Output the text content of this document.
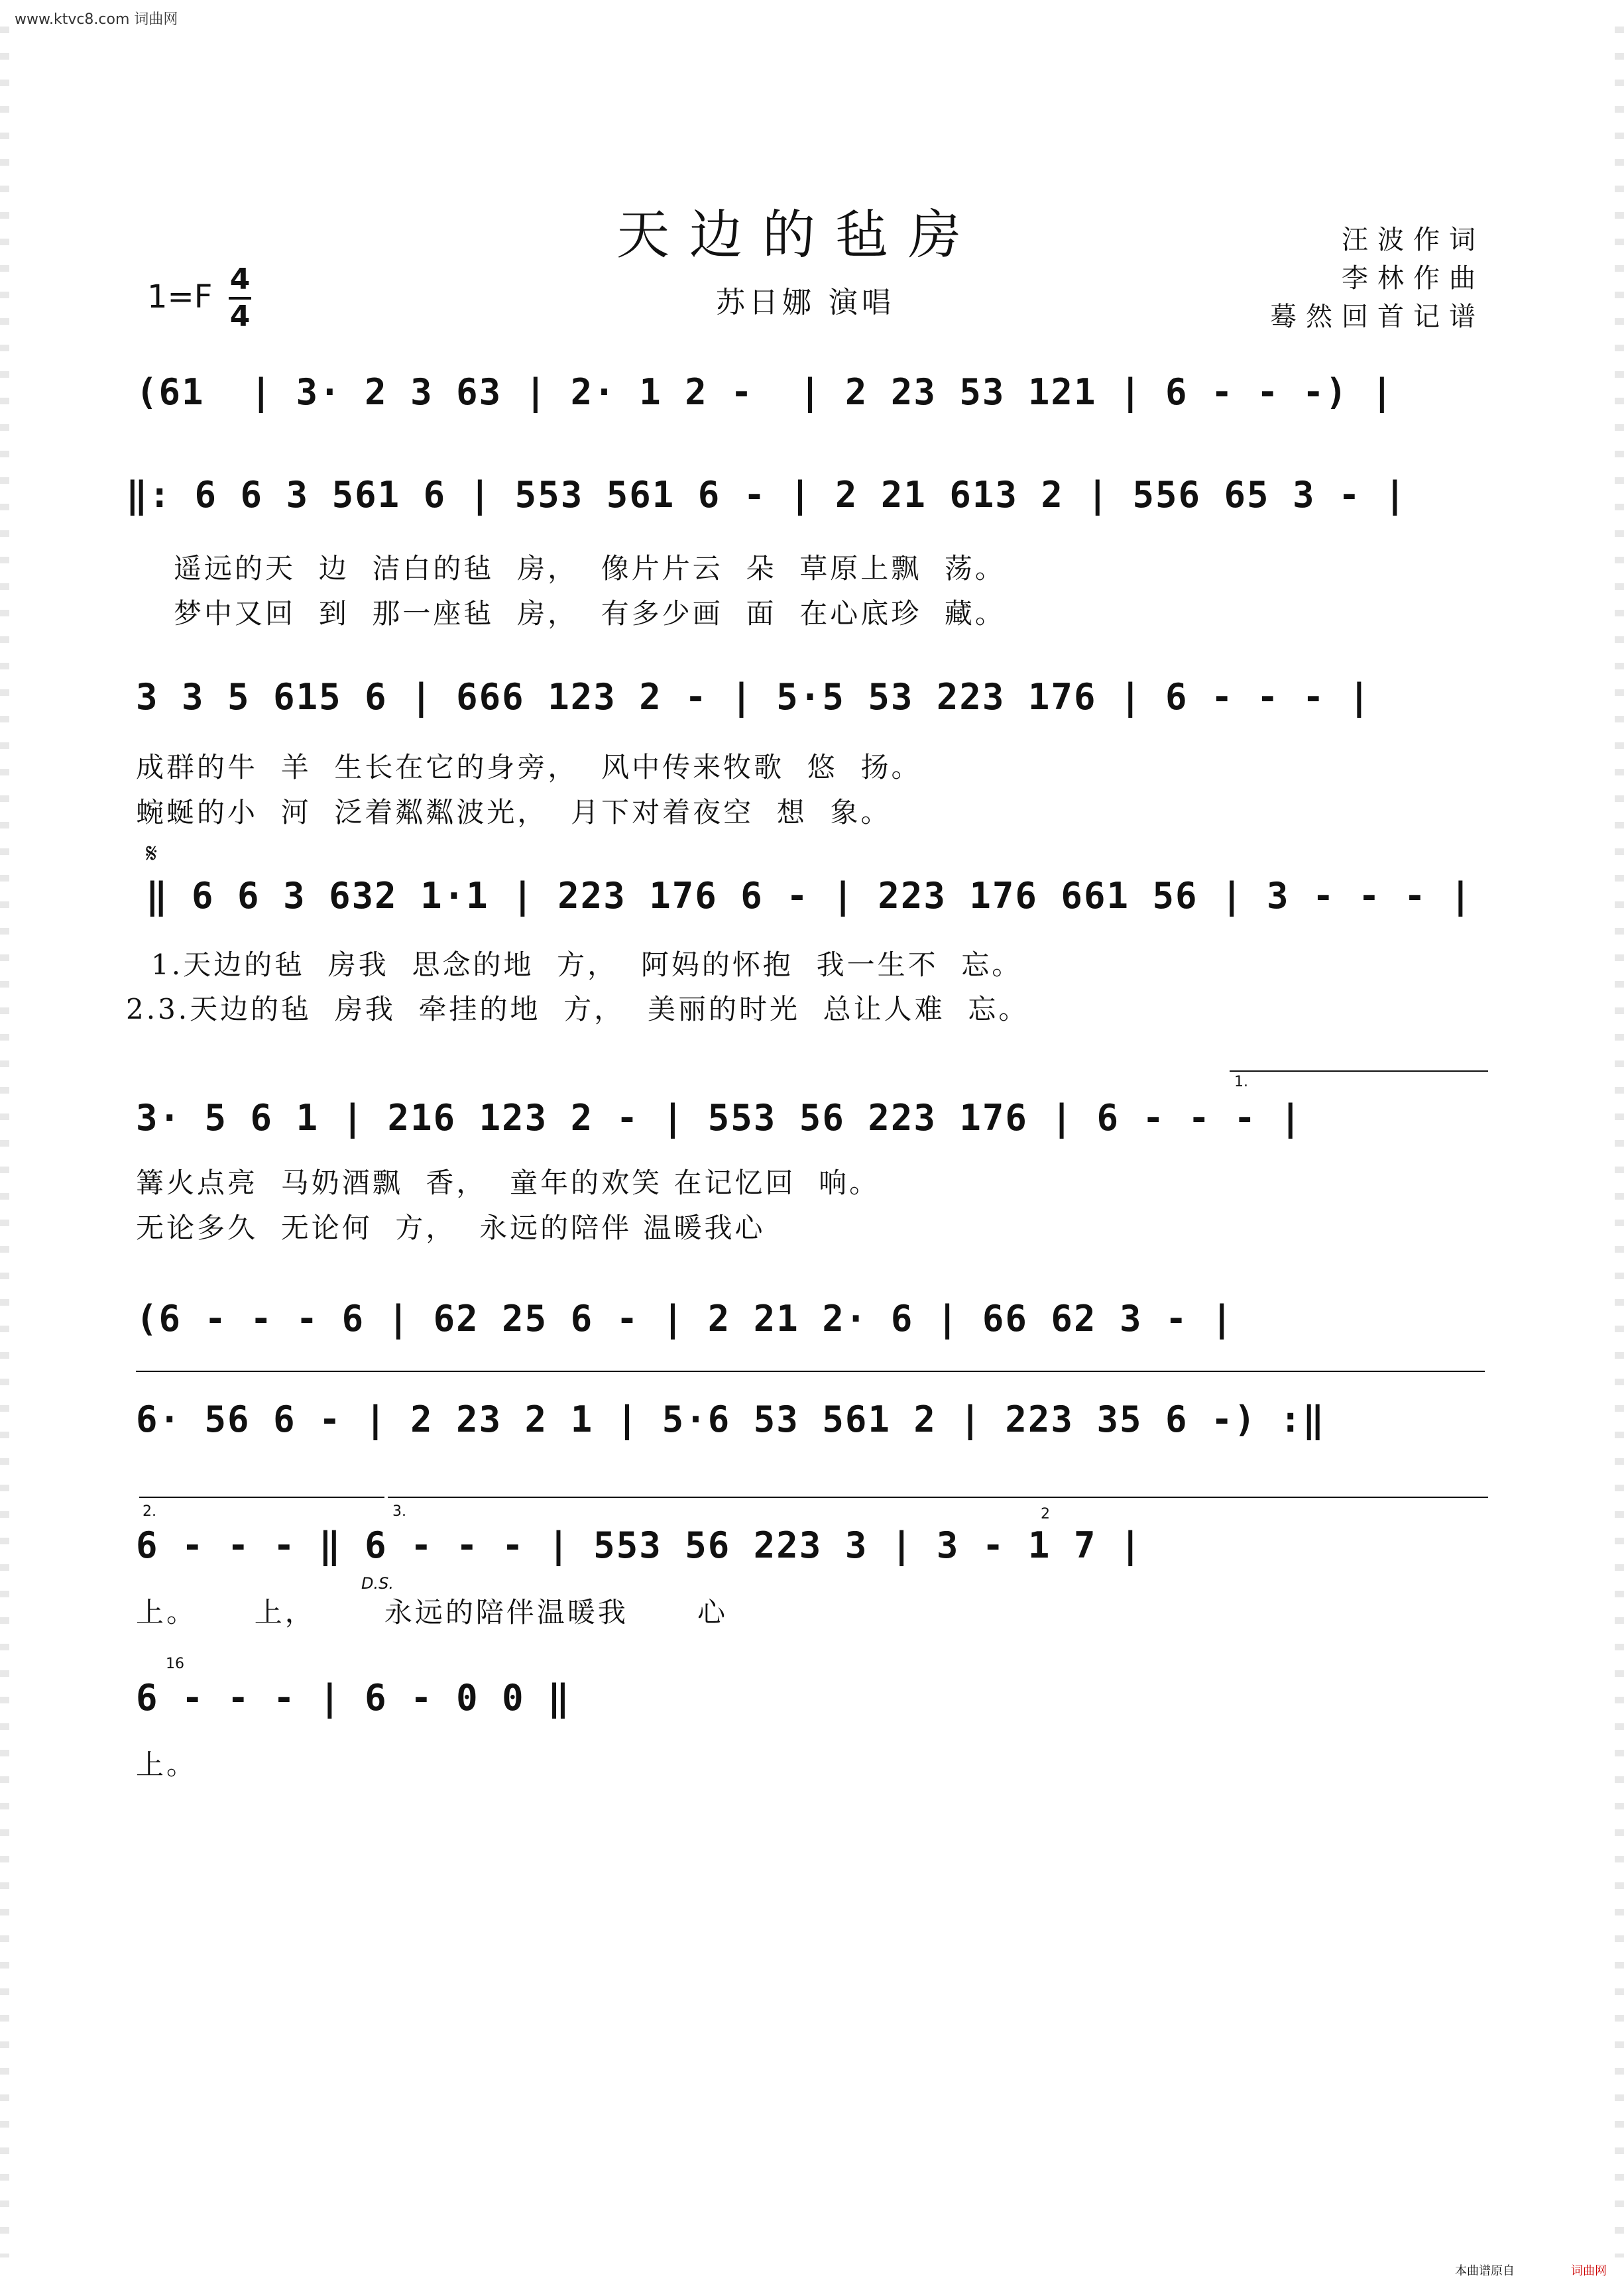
www.ktvc8.com 词曲网
天边的毡房	汪波作词
李林作曲
蓦然回首记谱
1=F 4
4	苏日娜 演唱
(61  | 3· 2 3 63 | 2· 1 2 -  | 2 23 53 121 | 6 - - -) |
‖: 6 6 3 561 6 | 553 561 6 - | 2 21 613 2 | 556 65 3 - |
遥远的天  边  洁白的毡  房，  像片片云  朵  草原上飘  荡。
梦中又回  到  那一座毡  房，  有多少画  面  在心底珍  藏。
3 3 5 615 6 | 666 123 2 - | 5·5 53 223 176 | 6 - - - |
成群的牛  羊  生长在它的身旁，  风中传来牧歌  悠  扬。
蜿蜒的小  河  泛着粼粼波光，  月下对着夜空  想  象。
𝄋
‖ 6 6 3 632 1·1 | 223 176 6 - | 223 176 661 56 | 3 - - - |
1.天边的毡  房我  思念的地  方，  阿妈的怀抱  我一生不  忘。
2.3.天边的毡  房我  牵挂的地  方，  美丽的时光  总让人难  忘。
3· 5 6 1 | 216 123 2 - | 553 56 223 176 | 6 - - - |
1.
篝火点亮  马奶酒飘  香，  童年的欢笑 在记忆回  响。
无论多久  无论何  方，  永远的陪伴 温暖我心
(6 - - - 6 | 62 25 6 - | 2 21 2· 6 | 66 62 3 - |
6· 56 6 - | 2 23 2 1 | 5·6 53 561 2 | 223 35 6 -) :‖
2.	3.	2
6 - - - ‖ 6 - - - | 553 56 223 3 | 3 - 1 7 |
D.S.
上。     上，      永远的陪伴温暖我      心
16
6 - - - | 6 - 0 0 ‖
上。
本曲谱原自	词曲网
